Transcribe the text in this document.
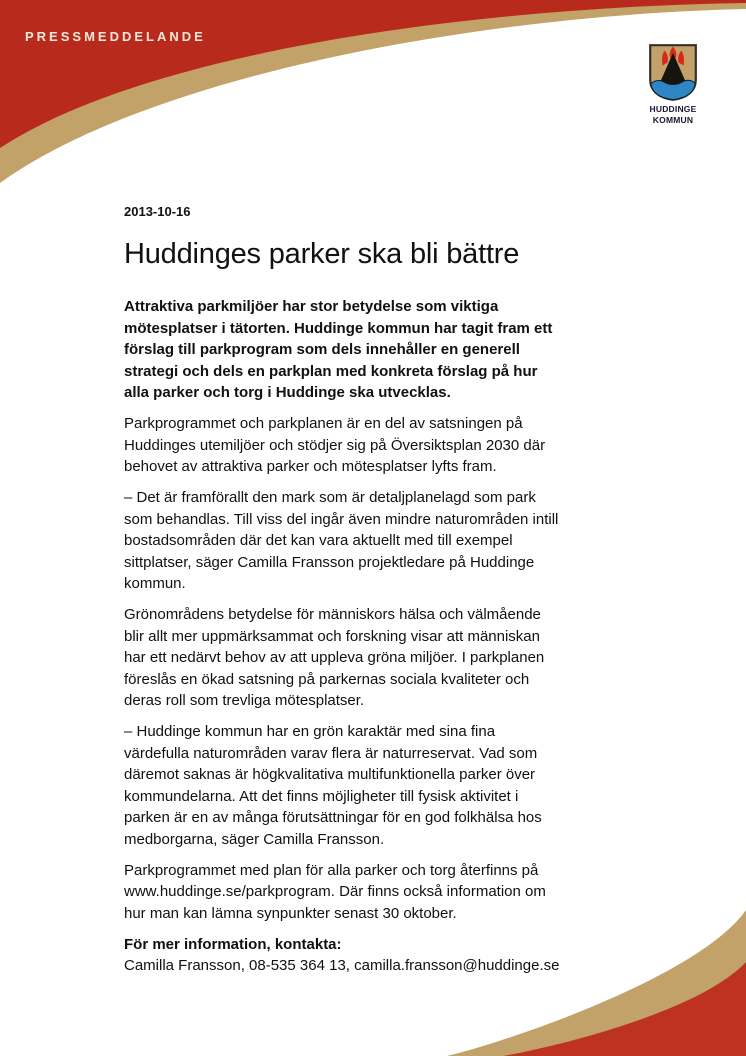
PRESSMEDDELANDE
HUDDINGE
KOMMUN
2013-10-16
Huddinges parker ska bli bättre

Attraktiva parkmiljöer har stor betydelse som viktiga mötesplatser i tätorten. Huddinge kommun har tagit fram ett förslag till parkprogram som dels innehåller en generell strategi och dels en parkplan med konkreta förslag på hur alla parker och torg i Huddinge ska utvecklas.

Parkprogrammet och parkplanen är en del av satsningen på Huddinges utemiljöer och stödjer sig på Översiktsplan 2030 där behovet av attraktiva parker och mötesplatser lyfts fram.

– Det är framförallt den mark som är detaljplanelagd som park som behandlas. Till viss del ingår även mindre naturområden intill bostadsområden där det kan vara aktuellt med till exempel sittplatser, säger Camilla Fransson projektledare på Huddinge kommun.

Grönområdens betydelse för människors hälsa och välmående blir allt mer uppmärksammat och forskning visar att människan har ett nedärvt behov av att uppleva gröna miljöer. I parkplanen föreslås en ökad satsning på parkernas sociala kvaliteter och deras roll som trevliga mötesplatser.

– Huddinge kommun har en grön karaktär med sina fina värdefulla naturområden varav flera är naturreservat. Vad som däremot saknas är högkvalitativa multifunktionella parker över kommundelarna. Att det finns möjligheter till fysisk aktivitet i parken är en av många förutsättningar för en god folkhälsa hos medborgarna, säger Camilla Fransson.

Parkprogrammet med plan för alla parker och torg återfinns på www.huddinge.se/parkprogram. Där finns också information om hur man kan lämna synpunkter senast 30 oktober.

För mer information, kontakta:

Camilla Fransson, 08-535 364 13, camilla.fransson@huddinge.se
